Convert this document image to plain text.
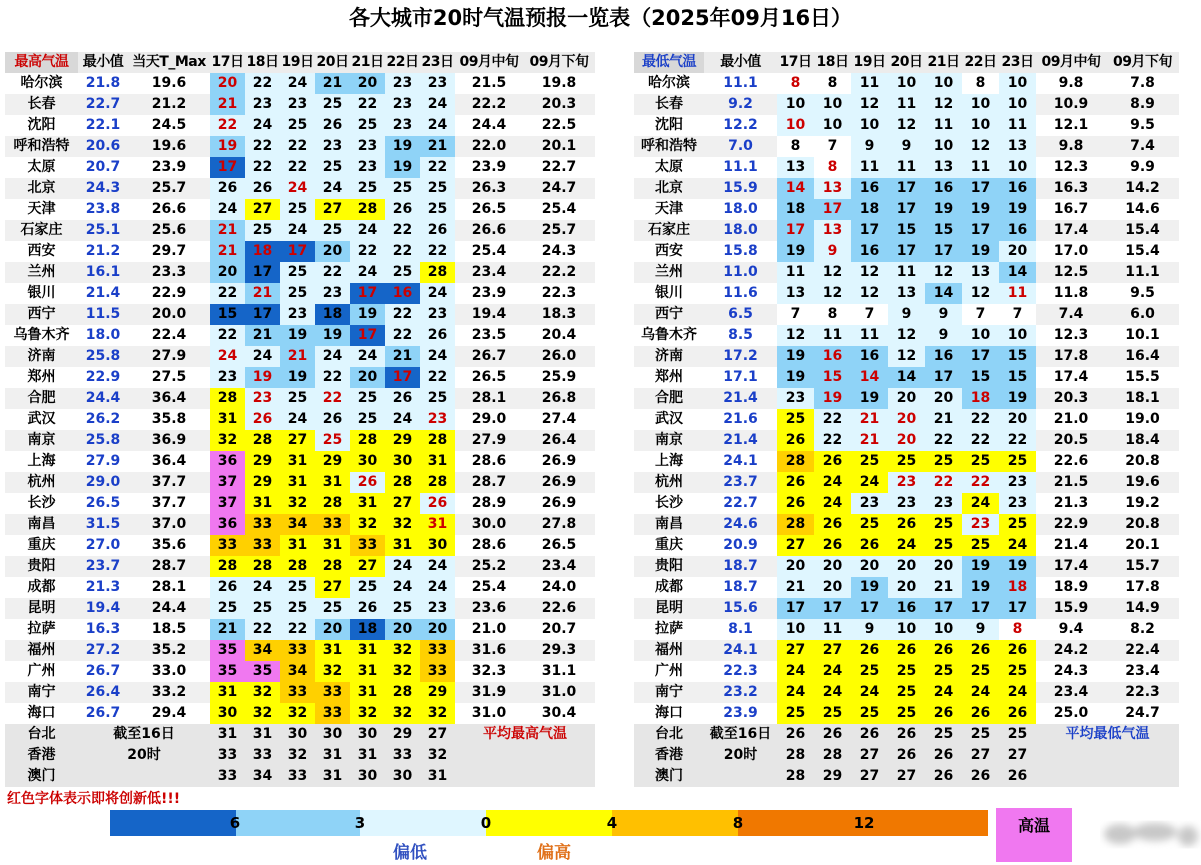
各大城市20时气温预报一览表（2025年09月16日）
最高气温	最小值	当天T_Max	17日	18日	19日	20日	21日	22日	23日	09月中旬	09月下旬
哈尔滨	21.8	19.6	20	22	24	21	20	23	23	21.5	19.8
长春	22.7	21.2	21	23	23	25	22	23	24	22.2	20.3
沈阳	22.1	24.5	22	24	25	26	25	23	24	24.4	22.5
呼和浩特	20.6	19.6	19	22	22	23	23	19	21	22.0	20.1
太原	20.7	23.9	17	22	22	25	23	19	22	23.9	22.7
北京	24.3	25.7	26	26	24	24	25	25	25	26.3	24.7
天津	23.8	26.6	24	27	25	27	28	26	25	26.5	25.4
石家庄	25.1	25.6	21	25	24	25	24	22	26	26.6	25.7
西安	21.2	29.7	21	18	17	20	22	22	22	25.4	24.3
兰州	16.1	23.3	20	17	25	22	24	25	28	23.4	22.2
银川	21.4	22.9	22	21	25	23	17	16	24	23.9	22.3
西宁	11.5	20.0	15	17	23	18	19	22	23	19.4	18.3
乌鲁木齐	18.0	22.4	22	21	19	19	17	22	26	23.5	20.4
济南	25.8	27.9	24	24	21	24	24	21	24	26.7	26.0
郑州	22.9	27.5	23	19	19	22	20	17	22	26.5	25.9
合肥	24.4	36.4	28	23	25	22	25	26	25	28.1	26.8
武汉	26.2	35.8	31	26	24	26	25	24	23	29.0	27.4
南京	25.8	36.9	32	28	27	25	28	29	28	27.9	26.4
上海	27.9	36.4	36	29	31	29	30	30	31	28.6	26.9
杭州	29.0	37.7	37	29	31	31	26	28	28	28.7	26.9
长沙	26.5	37.7	37	31	32	28	31	27	26	28.9	26.9
南昌	31.5	37.0	36	33	34	33	32	32	31	30.0	27.8
重庆	27.0	35.6	33	33	31	31	33	31	30	28.6	26.5
贵阳	23.7	28.7	28	28	28	28	27	24	24	25.2	23.4
成都	21.3	28.1	26	24	25	27	25	24	24	25.4	24.0
昆明	19.4	24.4	25	25	25	25	26	25	23	23.6	22.6
拉萨	16.3	18.5	21	22	22	20	18	20	20	21.0	20.7
福州	27.2	35.2	35	34	33	31	31	32	33	31.6	29.3
广州	26.7	33.0	35	35	34	32	31	32	33	32.3	31.1
南宁	26.4	33.2	31	32	33	33	31	28	29	31.9	31.0
海口	26.7	29.4	30	32	32	33	32	32	32	31.0	30.4
台北	截至16日		31	31	30	30	30	29	27	平均最高气温	
香港	20时		33	33	32	31	31	33	32		
澳门			33	34	33	31	30	30	31		
最低气温	最小值	17日	18日	19日	20日	21日	22日	23日	09月中旬	09月下旬
哈尔滨	11.1	8	8	11	10	10	8	10	9.8	7.8
长春	9.2	10	10	12	11	12	10	10	10.9	8.9
沈阳	12.2	10	10	10	12	11	10	11	12.1	9.5
呼和浩特	7.0	8	7	9	9	10	12	13	9.8	7.4
太原	11.1	13	8	11	11	13	11	10	12.3	9.9
北京	15.9	14	13	16	17	16	17	16	16.3	14.2
天津	18.0	18	17	18	17	19	19	19	16.7	14.6
石家庄	18.0	17	13	17	15	15	17	16	17.4	15.4
西安	15.8	19	9	16	17	17	19	20	17.0	15.4
兰州	11.0	11	12	12	11	12	13	14	12.5	11.1
银川	11.6	13	12	12	13	14	12	11	11.8	9.5
西宁	6.5	7	8	7	9	9	7	7	7.4	6.0
乌鲁木齐	8.5	12	11	11	12	9	10	10	12.3	10.1
济南	17.2	19	16	16	12	16	17	15	17.8	16.4
郑州	17.1	19	15	14	14	17	15	15	17.4	15.5
合肥	21.4	23	19	19	20	20	18	19	20.3	18.1
武汉	21.6	25	22	21	20	21	22	20	21.0	19.0
南京	21.4	26	22	21	20	22	22	22	20.5	18.4
上海	24.1	28	26	25	25	25	25	25	22.6	20.8
杭州	23.7	26	24	24	23	22	22	23	21.5	19.6
长沙	22.7	26	24	23	23	23	24	23	21.3	19.2
南昌	24.6	28	26	25	26	25	23	25	22.9	20.8
重庆	20.9	27	26	26	24	25	25	24	21.4	20.1
贵阳	18.7	20	20	20	20	20	19	19	17.4	15.7
成都	18.7	21	20	19	20	21	19	18	18.9	17.8
昆明	15.6	17	17	17	16	17	17	17	15.9	14.9
拉萨	8.1	10	11	9	10	10	9	8	9.4	8.2
福州	24.1	27	27	26	26	26	26	26	24.2	22.4
广州	22.3	24	24	25	25	25	25	25	24.3	23.4
南宁	23.2	24	24	24	25	24	24	24	23.4	22.3
海口	23.9	25	25	25	25	26	26	26	25.0	24.7
台北	截至16日	26	26	26	26	25	25	25	平均最低气温	
香港	20时	28	28	27	26	26	27	27		
澳门		28	29	27	27	26	26	26		
红色字体表示即将创新低!!!
6	3	0	4	8	12
偏低	偏高
高温
